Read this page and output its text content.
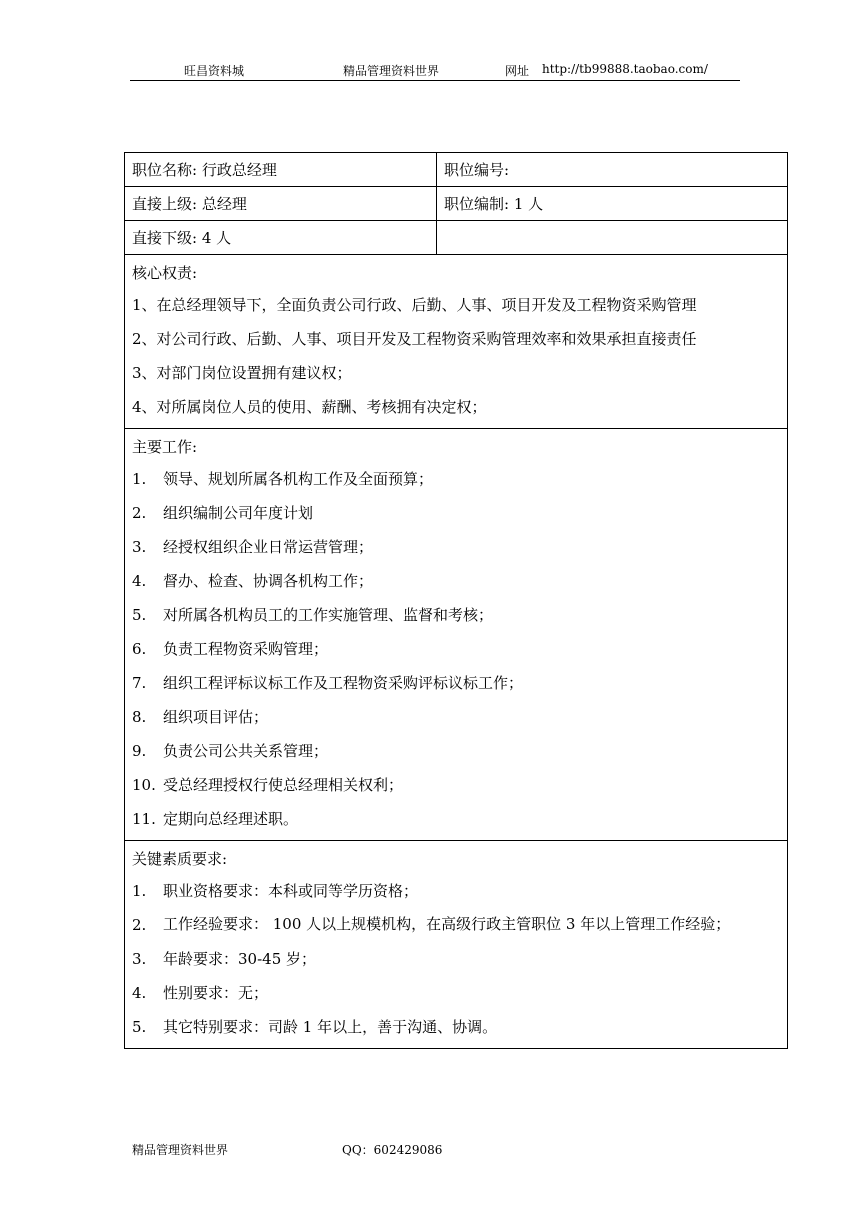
旺昌资料城	精品管理资料世界	网址 http://tb99888.taobao.com/
职位名称: 行政总经理	职位编号:
直接上级: 总经理	职位编制: 1 人
直接下级: 4 人
核心权责:
1、在总经理领导下，全面负责公司行政、后勤、人事、项目开发及工程物资采购管理
2、对公司行政、后勤、人事、项目开发及工程物资采购管理效率和效果承担直接责任
3、对部门岗位设置拥有建议权；
4、对所属岗位人员的使用、薪酬、考核拥有决定权；
主要工作:
1.	领导、规划所属各机构工作及全面预算；
2.	组织编制公司年度计划
3.	经授权组织企业日常运营管理；
4.	督办、检查、协调各机构工作；
5.	对所属各机构员工的工作实施管理、监督和考核；
6.	负责工程物资采购管理；
7.	组织工程评标议标工作及工程物资采购评标议标工作；
8.	组织项目评估；
9.	负责公司公共关系管理；
10. 受总经理授权行使总经理相关权利；
11. 定期向总经理述职。
关键素质要求:
1.	职业资格要求：本科或同等学历资格；
2.	工作经验要求： 100 人以上规模机构，在高级行政主管职位 3 年以上管理工作经验；
3.	年龄要求：30-45 岁；
4.	性别要求：无；
5.	其它特别要求：司龄 1 年以上，善于沟通、协调。
精品管理资料世界	QQ：602429086
